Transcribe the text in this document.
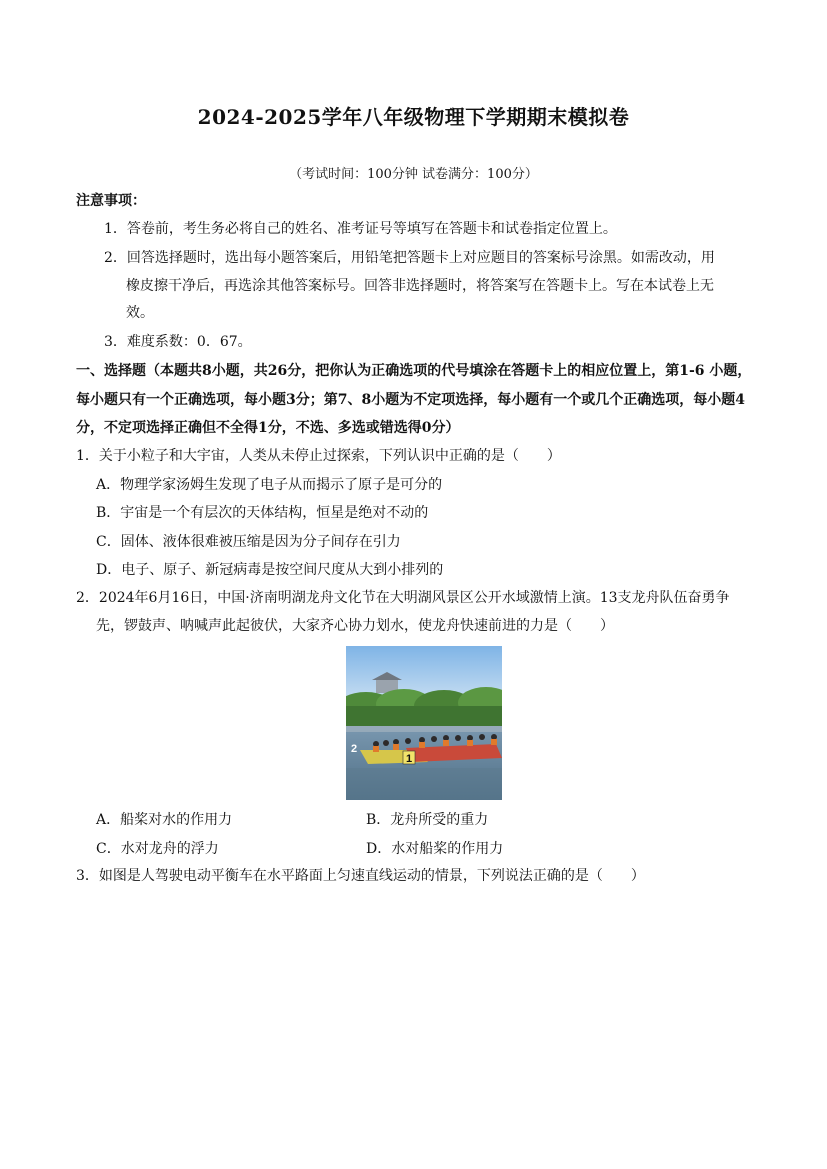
2024-2025学年八年级物理下学期期末模拟卷
（考试时间：100分钟 试卷满分：100分）
注意事项：
1．答卷前，考生务必将自己的姓名、准考证号等填写在答题卡和试卷指定位置上。
2．回答选择题时，选出每小题答案后，用铅笔把答题卡上对应题目的答案标号涂黑。如需改动，用
橡皮擦干净后，再选涂其他答案标号。回答非选择题时，将答案写在答题卡上。写在本试卷上无
效。
3．难度系数：0．67。
一、选择题（本题共8小题，共26分，把你认为正确选项的代号填涂在答题卡上的相应位置上，第1-6 小题，
每小题只有一个正确选项，每小题3分；第7、8小题为不定项选择，每小题有一个或几个正确选项，每小题4
分，不定项选择正确但不全得1分，不选、多选或错选得0分）
1．关于小粒子和大宇宙，人类从未停止过探索，下列认识中正确的是（　　）
A．物理学家汤姆生发现了电子从而揭示了原子是可分的
B．宇宙是一个有层次的天体结构，恒星是绝对不动的
C．固体、液体很难被压缩是因为分子间存在引力
D．电子、原子、新冠病毒是按空间尺度从大到小排列的
2．2024年6月16日，中国·济南明湖龙舟文化节在大明湖风景区公开水域激情上演。13支龙舟队伍奋勇争
先，锣鼓声、呐喊声此起彼伏，大家齐心协力划水，使龙舟快速前进的力是（　　）
1
2
A．船桨对水的作用力	B．龙舟所受的重力
C．水对龙舟的浮力	D．水对船桨的作用力
3．如图是人驾驶电动平衡车在水平路面上匀速直线运动的情景，下列说法正确的是（　　）
